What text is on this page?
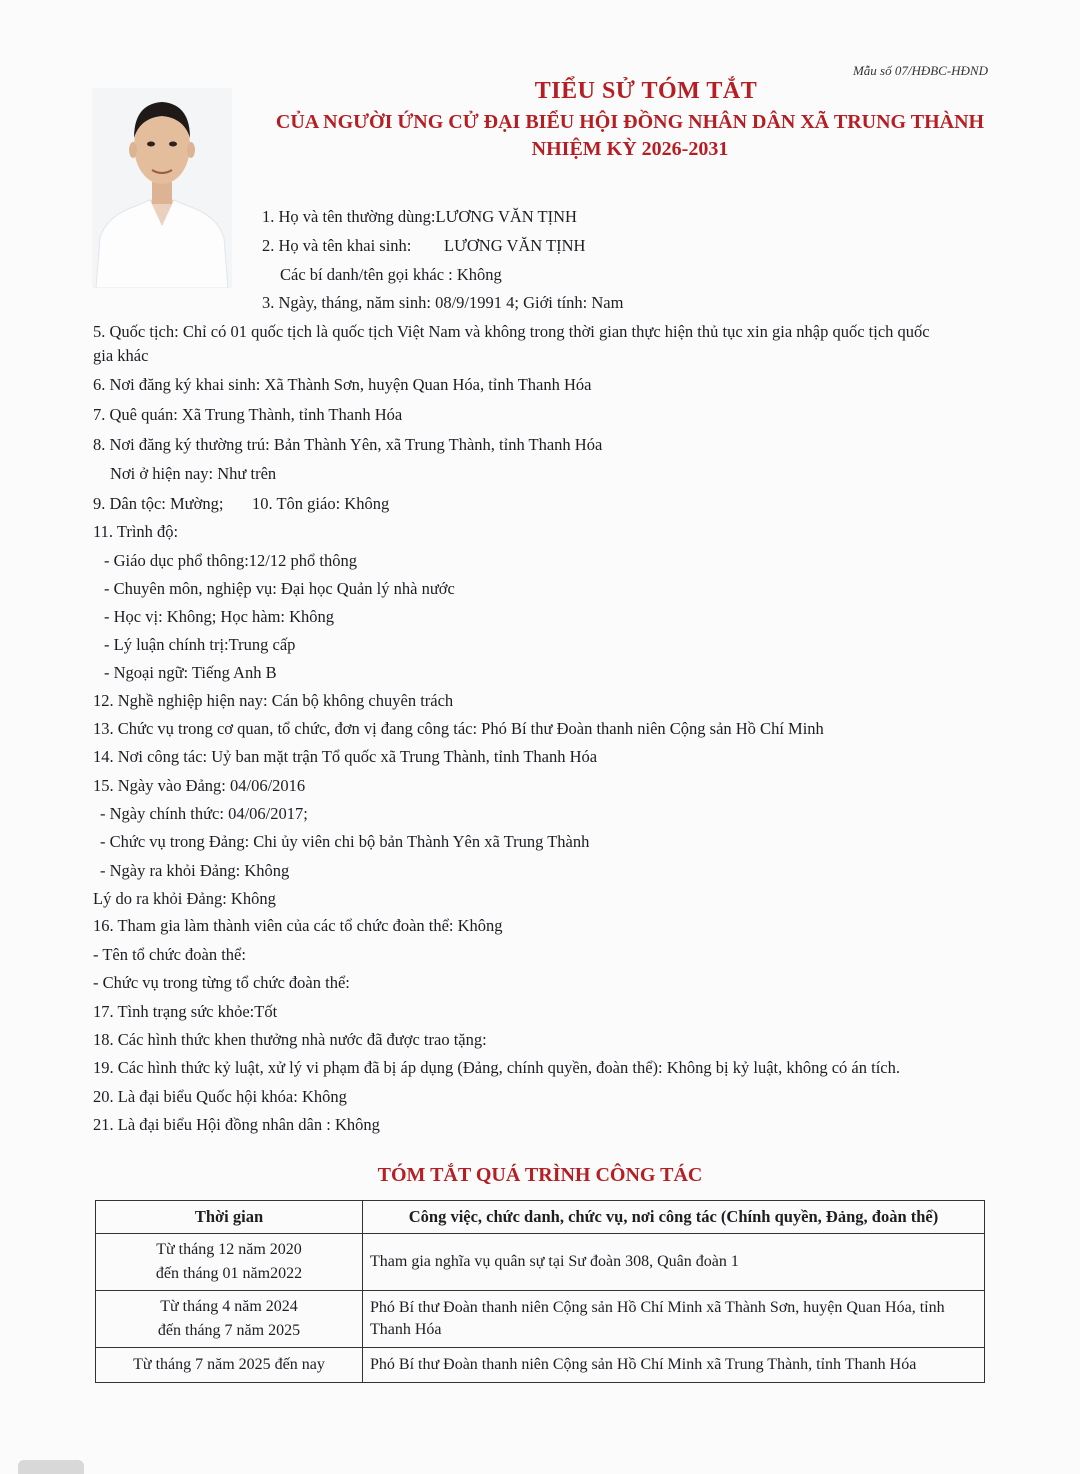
Mẫu số 07/HĐBC-HĐND
TIỂU SỬ TÓM TẮT
CỦA NGƯỜI ỨNG CỬ ĐẠI BIỂU HỘI ĐỒNG NHÂN DÂN XÃ TRUNG THÀNH
NHIỆM KỲ 2026-2031
1. Họ và tên thường dùng:LƯƠNG VĂN TỊNH
2. Họ và tên khai sinh: LƯƠNG VĂN TỊNH
Các bí danh/tên gọi khác : Không
3. Ngày, tháng, năm sinh: 08/9/1991 4; Giới tính: Nam
5. Quốc tịch: Chỉ có 01 quốc tịch là quốc tịch Việt Nam và không trong thời gian thực hiện thủ tục xin gia nhập quốc tịch quốc
gia khác
6. Nơi đăng ký khai sinh: Xã Thành Sơn, huyện Quan Hóa, tỉnh Thanh Hóa
7. Quê quán: Xã Trung Thành, tỉnh Thanh Hóa
8. Nơi đăng ký thường trú: Bản Thành Yên, xã Trung Thành, tỉnh Thanh Hóa
Nơi ở hiện nay: Như trên
9. Dân tộc: Mường; 10. Tôn giáo: Không
11. Trình độ:
- Giáo dục phổ thông:12/12 phổ thông
- Chuyên môn, nghiệp vụ: Đại học Quản lý nhà nước
- Học vị: Không; Học hàm: Không
- Lý luận chính trị:Trung cấp
- Ngoại ngữ: Tiếng Anh B
12. Nghề nghiệp hiện nay: Cán bộ không chuyên trách
13. Chức vụ trong cơ quan, tổ chức, đơn vị đang công tác: Phó Bí thư Đoàn thanh niên Cộng sản Hồ Chí Minh
14. Nơi công tác: Uỷ ban mặt trận Tổ quốc xã Trung Thành, tỉnh Thanh Hóa
15. Ngày vào Đảng: 04/06/2016
- Ngày chính thức: 04/06/2017;
- Chức vụ trong Đảng: Chi ủy viên chi bộ bản Thành Yên xã Trung Thành
- Ngày ra khỏi Đảng: Không
Lý do ra khỏi Đảng: Không
16. Tham gia làm thành viên của các tổ chức đoàn thể: Không
- Tên tổ chức đoàn thể:
- Chức vụ trong từng tổ chức đoàn thể:
17. Tình trạng sức khỏe:Tốt
18. Các hình thức khen thưởng nhà nước đã được trao tặng:
19. Các hình thức kỷ luật, xử lý vi phạm đã bị áp dụng (Đảng, chính quyền, đoàn thể): Không bị kỷ luật, không có án tích.
20. Là đại biểu Quốc hội khóa: Không
21. Là đại biểu Hội đồng nhân dân : Không
TÓM TẮT QUÁ TRÌNH CÔNG TÁC
Thời gian	Công việc, chức danh, chức vụ, nơi công tác (Chính quyền, Đảng, đoàn thể)

Từ tháng 12 năm 2020
đến tháng 01 năm2022	Tham gia nghĩa vụ quân sự tại Sư đoàn 308, Quân đoàn 1

Từ tháng 4 năm 2024
đến tháng 7 năm 2025	Phó Bí thư Đoàn thanh niên Cộng sản Hồ Chí Minh xã Thành Sơn, huyện Quan Hóa, tỉnh Thanh Hóa

Từ tháng 7 năm 2025 đến nay	Phó Bí thư Đoàn thanh niên Cộng sản Hồ Chí Minh xã Trung Thành, tỉnh Thanh Hóa
